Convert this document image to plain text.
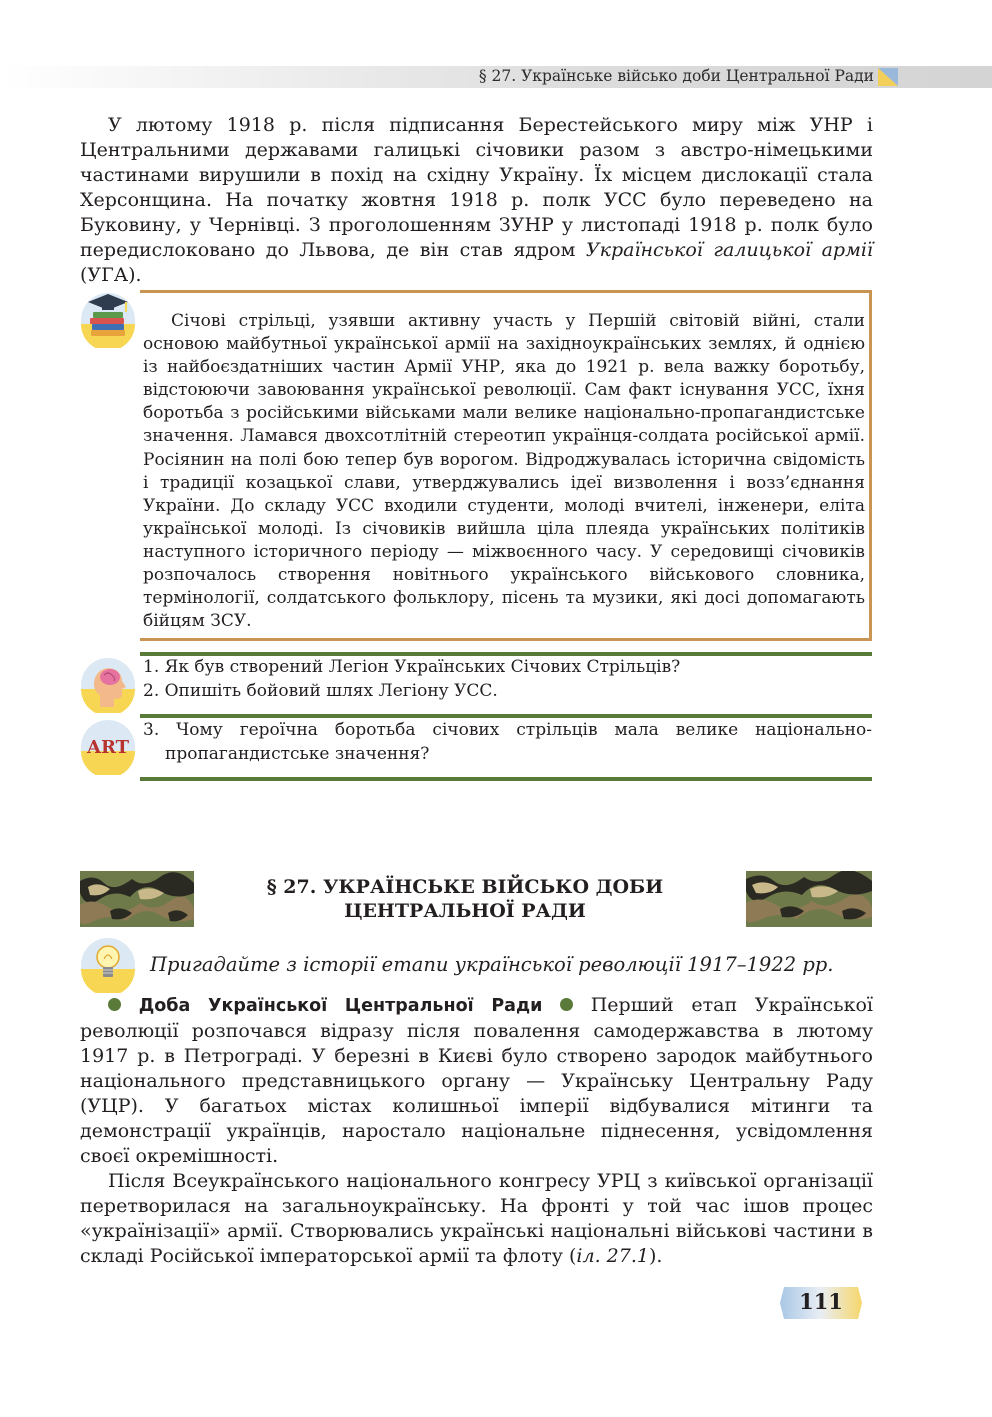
§ 27. Українське військо доби Центральної Ради

У лютому 1918 р. після підписання Берестейського миру між УНР і Центральними державами галицькі січовики разом з австро-німецькими частинами вирушили в похід на східну Україну. Їх місцем дислокації стала Херсонщина. На початку жовтня 1918 р. полк УСС було переведено на Буковину, у Чернівці. З проголошенням ЗУНР у листопаді 1918 р. полк було передислоковано до Львова, де він став ядром Української галицької армії (УГА).

Січові стрільці, узявши активну участь у Першій світовій війні, стали основою майбутньої української армії на західноукраїнських землях, й однією із найбоєздатніших частин Армії УНР, яка до 1921 р. вела важку боротьбу, відстоюючи завоювання української революції. Сам факт існування УСС, їхня боротьба з російськими військами мали велике національно-пропагандистське значення. Ламався двохсотлітній стереотип українця-солдата російської армії. Росіянин на полі бою тепер був ворогом. Відроджувалась історична свідомість і традиції козацької слави, утверджувались ідеї визволення і возз’єднання України. До складу УСС входили студенти, молоді вчителі, інженери, еліта української молоді. Із січовиків вийшла ціла плеяда українських політиків наступного історичного періоду — міжвоєнного часу. У середовищі січовиків розпочалось створення новітнього українського військового словника, термінології, солдатського фольклору, пісень та музики, які досі допомагають бійцям ЗСУ.

1. Як був створений Легіон Українських Січових Стрільців?

2. Опишіть бойовий шлях Легіону УСС.

ART

3. Чому героїчна боротьба січових стрільців мала велике національно-пропагандистське значення?

§ 27. УКРАЇНСЬКЕ ВІЙСЬКО ДОБИ
ЦЕНТРАЛЬНОЇ РАДИ
Пригадайте з історії етапи української революції 1917–1922 рр.

Доба Української Центральної Ради	Перший етап Української революції розпочався відразу після повалення самодержавства в лютому 1917 р. в Петрограді. У березні в Києві було створено зародок майбутнього національного представницького органу — Українську Центральну Раду (УЦР). У багатьох містах колишньої імперії відбувалися мітинги та демонстрації українців, наростало національне піднесення, усвідомлення своєї окремішності.

Після Всеукраїнського національного конгресу УРЦ з київської організації перетворилася на загальноукраїнську. На фронті у той час ішов процес «українізації» армії. Створювались українські національні військові частини в складі Російської імператорської армії та флоту (іл. 27.1).

111
